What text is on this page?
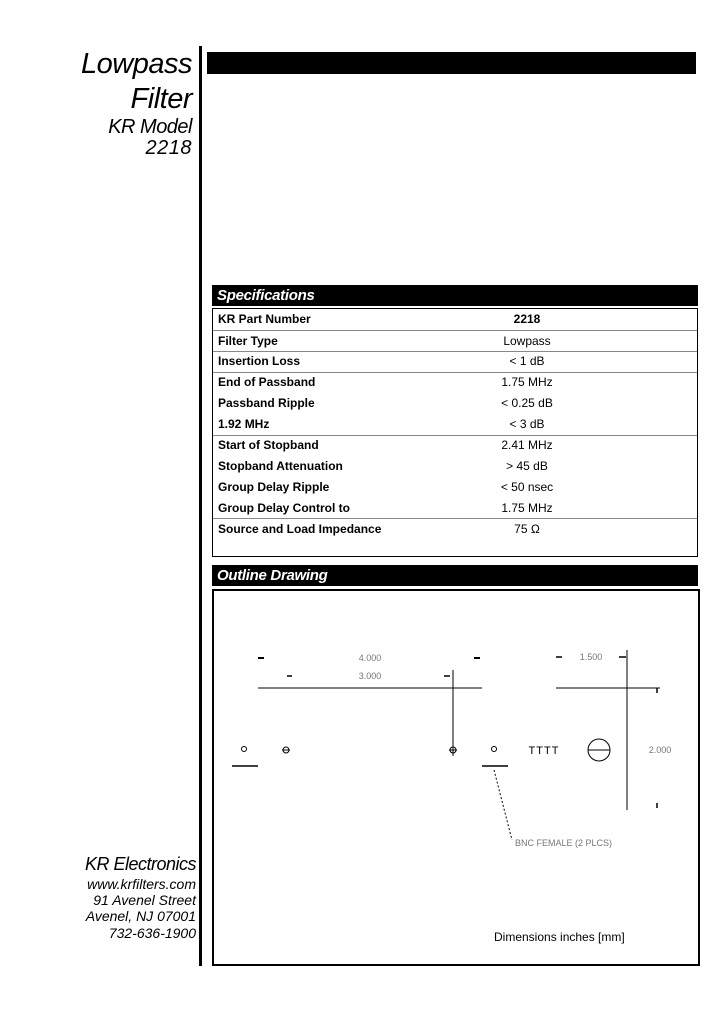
Lowpass
Filter
KR Model
2218
Specifications
KR Part Number	2218
Filter Type	Lowpass
Insertion Loss	< 1 dB
End of Passband	1.75 MHz
Passband Ripple	< 0.25 dB
1.92 MHz	< 3 dB
Start of Stopband	2.41 MHz
Stopband Attenuation	> 45 dB
Group Delay Ripple	< 50 nsec
Group Delay Control to	1.75 MHz
Source and Load Impedance	75 Ω
Outline Drawing
4.000
3.000
BNC FEMALE (2 PLCS)
1.500
2.000
TTTT
Dimensions inches [mm]
KR Electronics
www.krfilters.com
91 Avenel Street
Avenel, NJ 07001
732-636-1900
